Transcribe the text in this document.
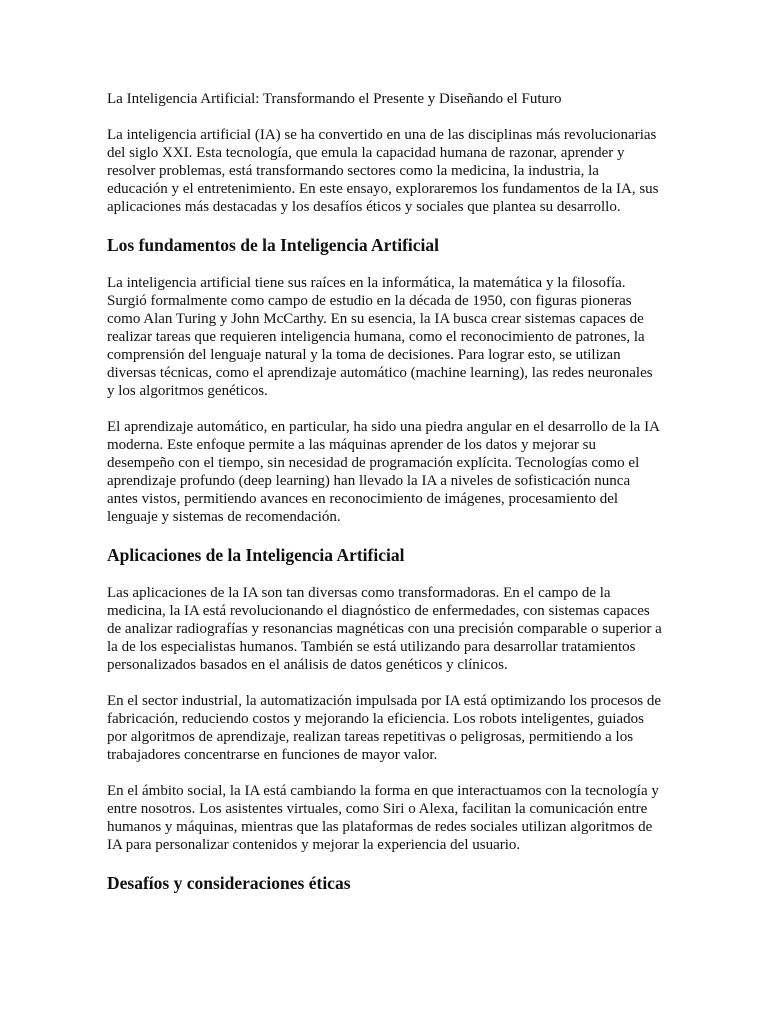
La Inteligencia Artificial: Transformando el Presente y Diseñando el Futuro

La inteligencia artificial (IA) se ha convertido en una de las disciplinas más revolucionarias del siglo XXI. Esta tecnología, que emula la capacidad humana de razonar, aprender y resolver problemas, está transformando sectores como la medicina, la industria, la educación y el entretenimiento. En este ensayo, exploraremos los fundamentos de la IA, sus aplicaciones más destacadas y los desafíos éticos y sociales que plantea su desarrollo.

Los fundamentos de la Inteligencia Artificial

La inteligencia artificial tiene sus raíces en la informática, la matemática y la filosofía. Surgió formalmente como campo de estudio en la década de 1950, con figuras pioneras como Alan Turing y John McCarthy. En su esencia, la IA busca crear sistemas capaces de realizar tareas que requieren inteligencia humana, como el reconocimiento de patrones, la comprensión del lenguaje natural y la toma de decisiones. Para lograr esto, se utilizan diversas técnicas, como el aprendizaje automático (machine learning), las redes neuronales y los algoritmos genéticos.

El aprendizaje automático, en particular, ha sido una piedra angular en el desarrollo de la IA moderna. Este enfoque permite a las máquinas aprender de los datos y mejorar su desempeño con el tiempo, sin necesidad de programación explícita. Tecnologías como el aprendizaje profundo (deep learning) han llevado la IA a niveles de sofisticación nunca antes vistos, permitiendo avances en reconocimiento de imágenes, procesamiento del lenguaje y sistemas de recomendación.

Aplicaciones de la Inteligencia Artificial

Las aplicaciones de la IA son tan diversas como transformadoras. En el campo de la medicina, la IA está revolucionando el diagnóstico de enfermedades, con sistemas capaces de analizar radiografías y resonancias magnéticas con una precisión comparable o superior a la de los especialistas humanos. También se está utilizando para desarrollar tratamientos personalizados basados en el análisis de datos genéticos y clínicos.

En el sector industrial, la automatización impulsada por IA está optimizando los procesos de fabricación, reduciendo costos y mejorando la eficiencia. Los robots inteligentes, guiados por algoritmos de aprendizaje, realizan tareas repetitivas o peligrosas, permitiendo a los trabajadores concentrarse en funciones de mayor valor.

En el ámbito social, la IA está cambiando la forma en que interactuamos con la tecnología y entre nosotros. Los asistentes virtuales, como Siri o Alexa, facilitan la comunicación entre humanos y máquinas, mientras que las plataformas de redes sociales utilizan algoritmos de IA para personalizar contenidos y mejorar la experiencia del usuario.

Desafíos y consideraciones éticas
